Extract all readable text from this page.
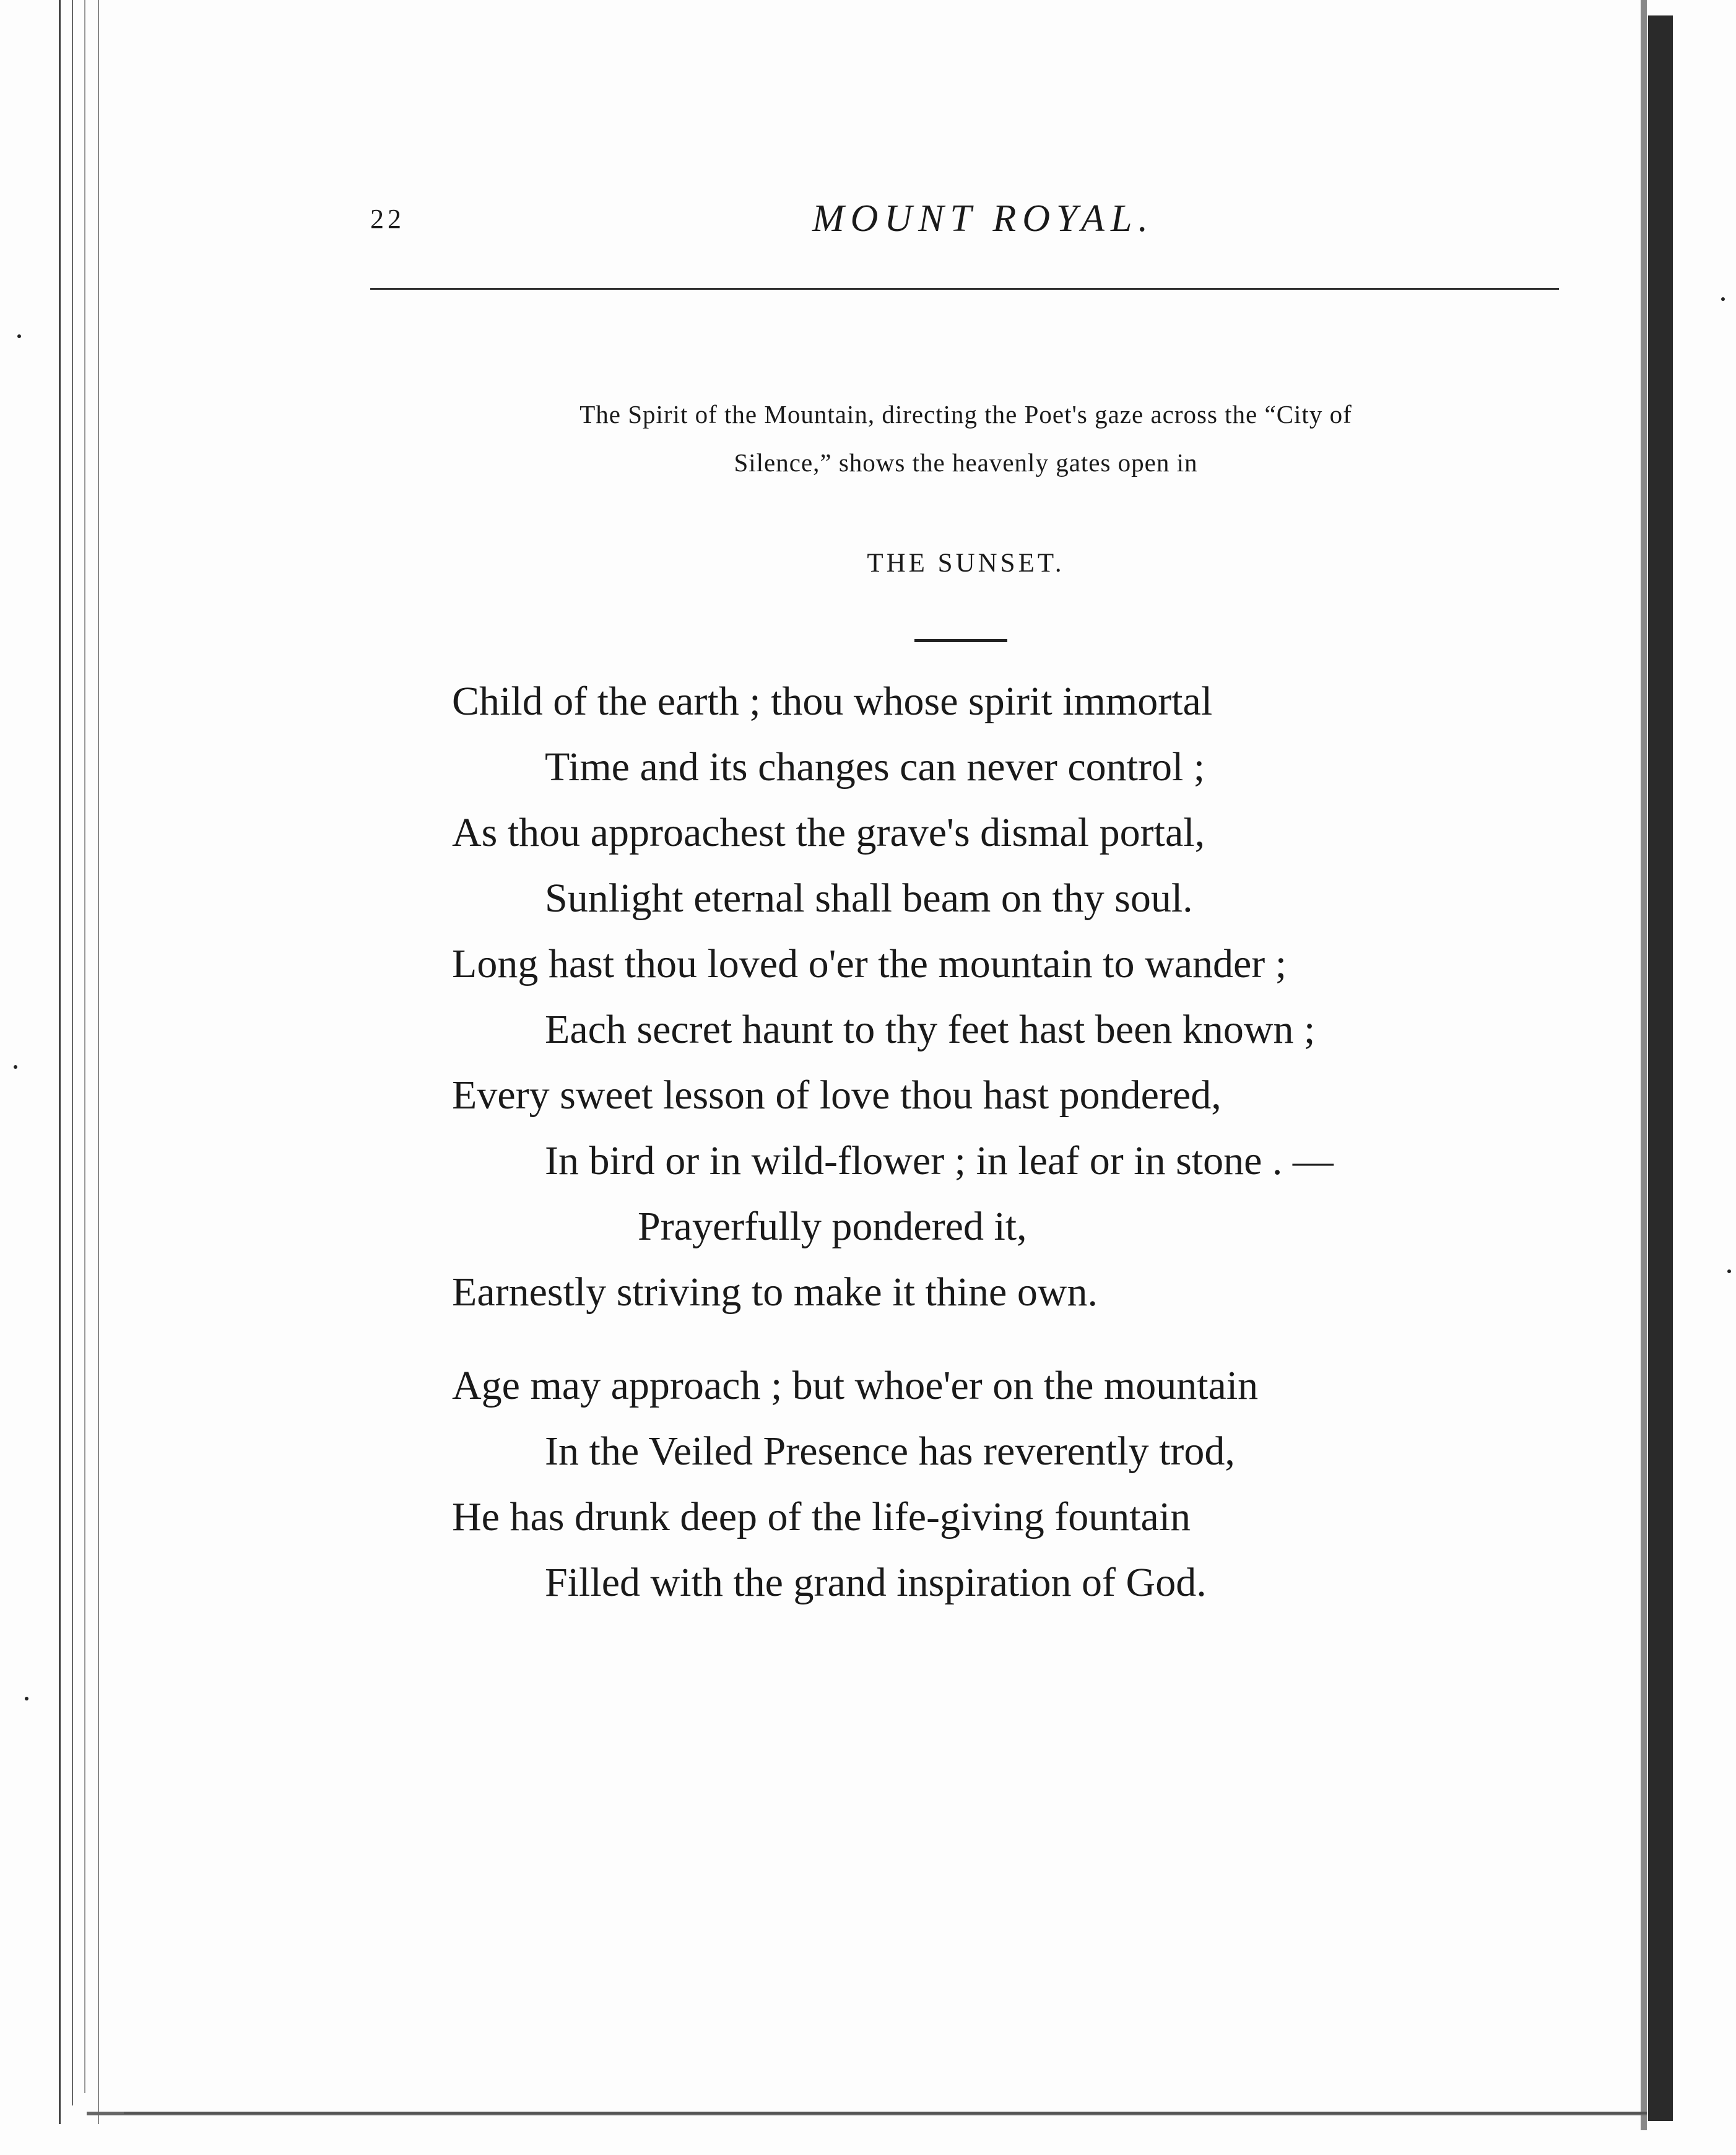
22	MOUNT ROYAL.
The Spirit of the Mountain, directing the Poet's gaze across the “City of
Silence,” shows the heavenly gates open in
THE SUNSET.
Child of the earth ; thou whose spirit immortal
Time and its changes can never control ;
As thou approachest the grave's dismal portal,
Sunlight eternal shall beam on thy soul.
Long hast thou loved o'er the mountain to wander ;
Each secret haunt to thy feet hast been known ;
Every sweet lesson of love thou hast pondered,
In bird or in wild-flower ; in leaf or in stone . —
Prayerfully pondered it,
Earnestly striving to make it thine own.
Age may approach ; but whoe'er on the mountain
In the Veiled Presence has reverently trod,
He has drunk deep of the life-giving fountain
Filled with the grand inspiration of God.
